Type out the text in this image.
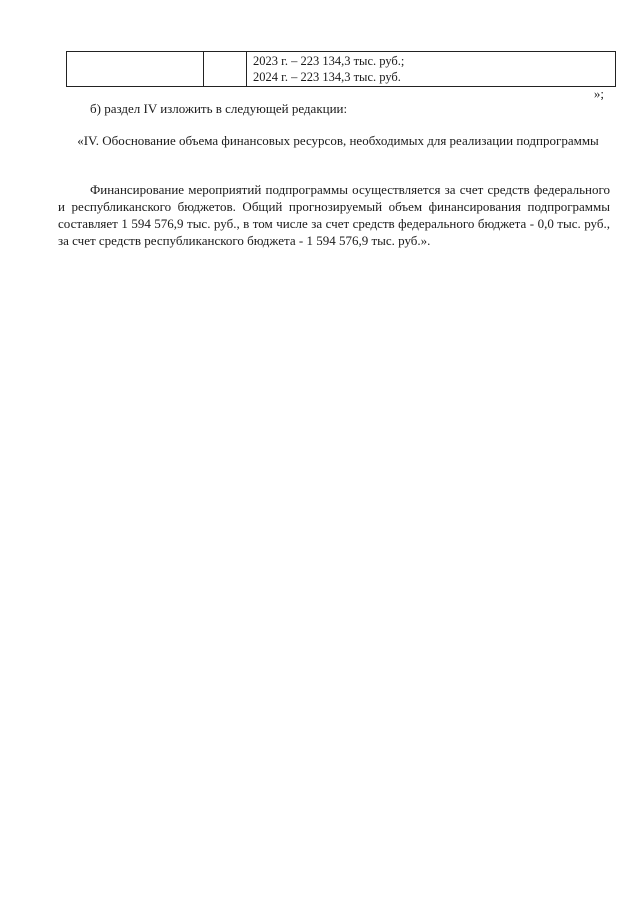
2023 г. – 223 134,3 тыс. руб.;
2024 г. – 223 134,3 тыс. руб.
»;
б) раздел IV изложить в следующей редакции:
«IV. Обоснование объема финансовых ресурсов, необходимых для реализации подпрограммы
Финансирование мероприятий подпрограммы осуществляется за счет средств федерального и республиканского бюджетов. Общий прогнозируемый объем финансирования подпрограммы составляет 1 594 576,9 тыс. руб., в том числе за счет средств федерального бюджета - 0,0 тыс. руб., за счет средств республиканского бюджета - 1 594 576,9 тыс. руб.».
